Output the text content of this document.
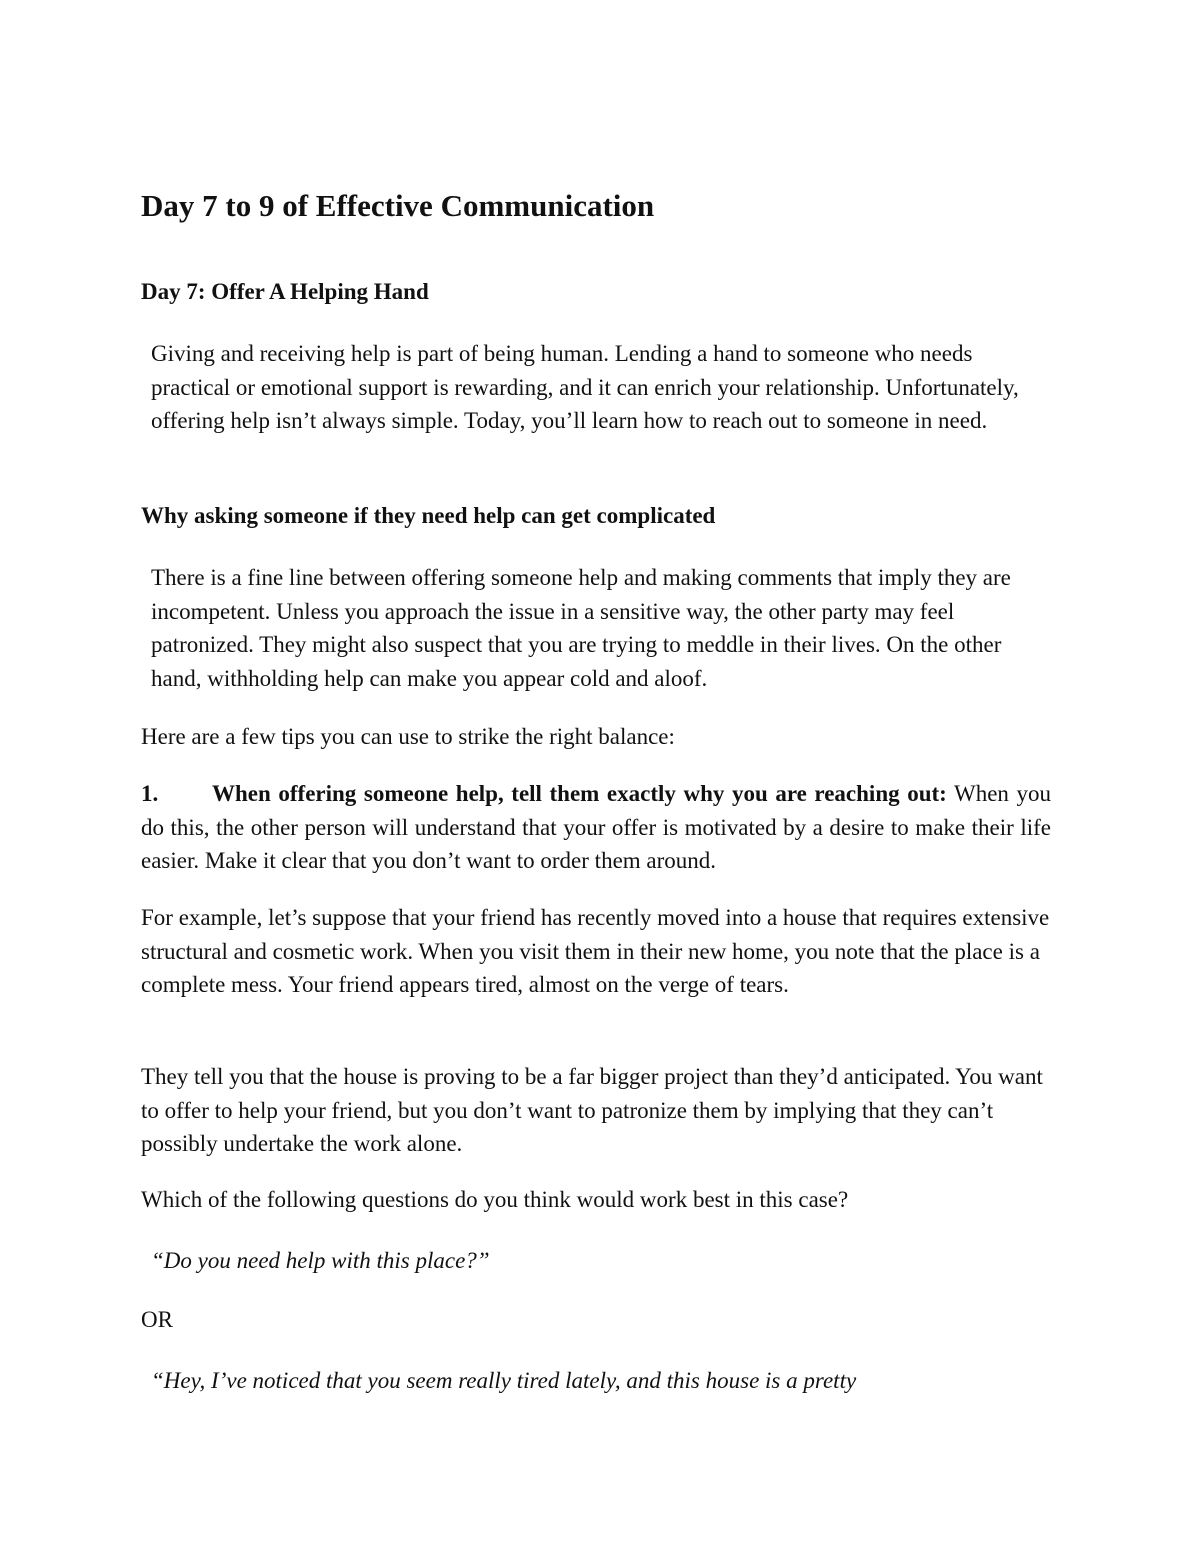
Day 7 to 9 of Effective Communication
Day 7: Offer A Helping Hand

Giving and receiving help is part of being human. Lending a hand to someone who needs practical or emotional support is rewarding, and it can enrich your relationship. Unfortunately, offering help isn’t always simple. Today, you’ll learn how to reach out to someone in need.

Why asking someone if they need help can get complicated

There is a fine line between offering someone help and making comments that imply they are incompetent. Unless you approach the issue in a sensitive way, the other party may feel patronized. They might also suspect that you are trying to meddle in their lives. On the other hand, withholding help can make you appear cold and aloof.

Here are a few tips you can use to strike the right balance:

1. When offering someone help, tell them exactly why you are reaching out: When you do this, the other person will understand that your offer is motivated by a desire to make their life easier. Make it clear that you don’t want to order them around.

For example, let’s suppose that your friend has recently moved into a house that requires extensive structural and cosmetic work. When you visit them in their new home, you note that the place is a complete mess. Your friend appears tired, almost on the verge of tears.

They tell you that the house is proving to be a far bigger project than they’d anticipated. You want to offer to help your friend, but you don’t want to patronize them by implying that they can’t possibly undertake the work alone.

Which of the following questions do you think would work best in this case?

“Do you need help with this place?”

OR

“Hey, I’ve noticed that you seem really tired lately, and this house is a pretty
